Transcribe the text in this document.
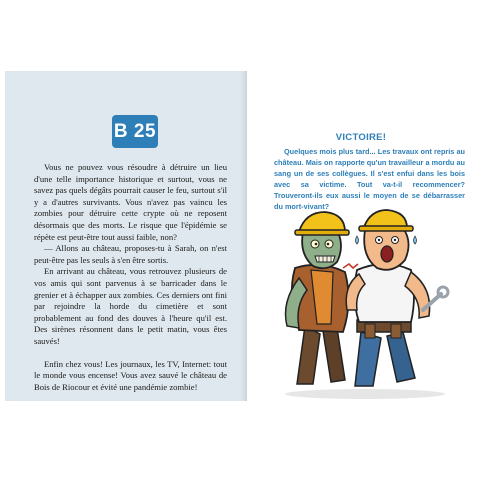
B 25

Vous ne pouvez vous résoudre à détruire un lieu d'une telle importance historique et surtout, vous ne savez pas quels dégâts pourrait causer le feu, surtout s'il y a d'autres survivants. Vous n'avez pas vaincu les zombies pour détruire cette crypte où ne reposent désormais que des morts. Le risque que l'épidémie se répète est peut-être tout aussi faible, non?

— Allons au château, proposes-tu à Sarah, on n'est peut-être pas les seuls à s'en être sortis.

En arrivant au château, vous retrouvez plusieurs de vos amis qui sont parvenus à se barricader dans le grenier et à échapper aux zombies. Ces derniers ont fini par rejoindre la horde du cimetière et sont probablement au fond des douves à l'heure qu'il est. Des sirènes résonnent dans le petit matin, vous êtes sauvés!

Enfin chez vous! Les journaux, les TV, Internet: tout le monde vous encense! Vous avez sauvé le château de Bois de Riocour et évité une pandémie zombie!

VICTOIRE!
Quelques mois plus tard... Les travaux ont repris au château. Mais on rapporte qu'un travailleur a mordu au sang un de ses collègues. Il s'est enfui dans les bois avec sa victime. Tout va-t-il recommencer? Trouveront-ils eux aussi le moyen de se débarrasser du mort-vivant?
